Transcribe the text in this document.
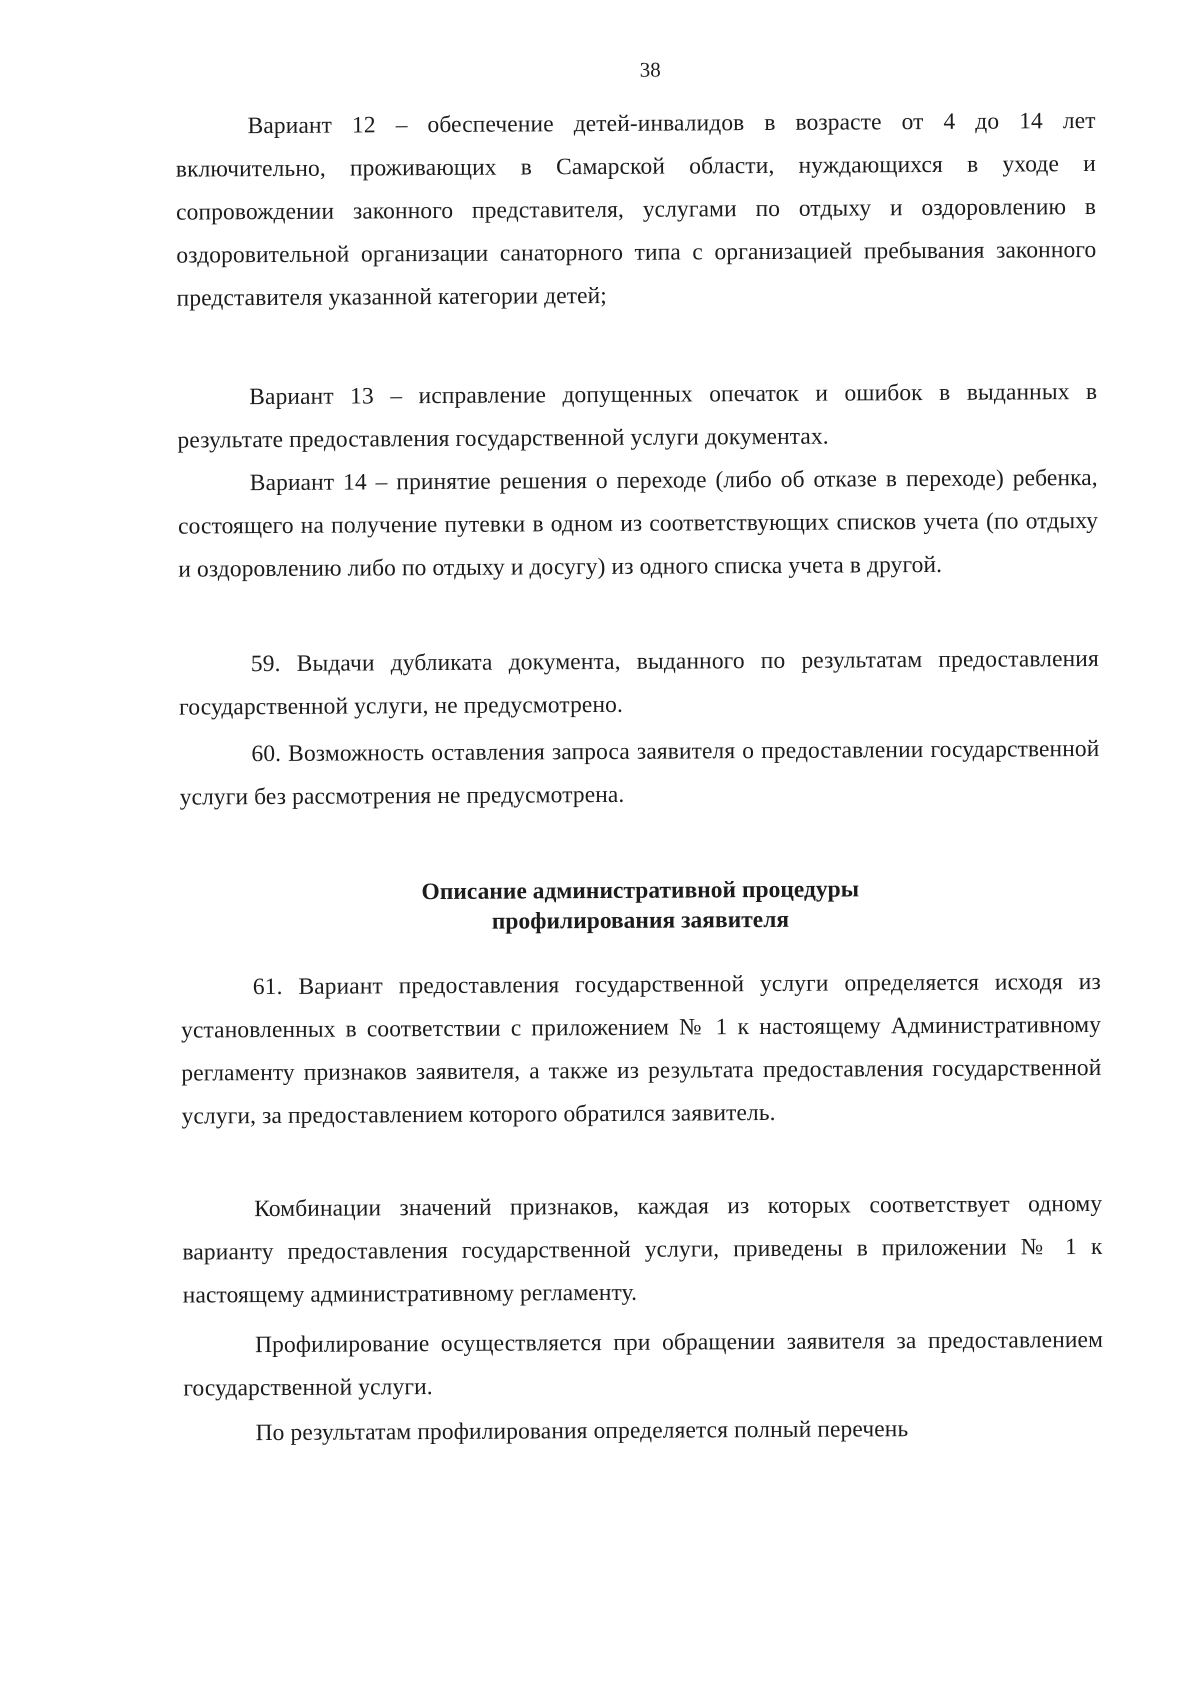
38

Вариант 12 – обеспечение детей-инвалидов в возрасте от 4 до 14 лет включительно, проживающих в Самарской области, нуждающихся в уходе и сопровождении законного представителя, услугами по отдыху и оздоровлению в оздоровительной организации санаторного типа с организацией пребывания законного представителя указанной категории детей;

Вариант 13 – исправление допущенных опечаток и ошибок в выданных в результате предоставления государственной услуги документах.

Вариант 14 – принятие решения о переходе (либо об отказе в переходе) ребенка, состоящего на получение путевки в одном из соответствующих списков учета (по отдыху и оздоровлению либо по отдыху и досугу) из одного списка учета в другой.

59. Выдачи дубликата документа, выданного по результатам предоставления государственной услуги, не предусмотрено.

60. Возможность оставления запроса заявителя о предоставлении государственной услуги без рассмотрения не предусмотрена.

Описание административной процедуры профилирования заявителя

61. Вариант предоставления государственной услуги определяется исходя из установленных в соответствии с приложением № 1 к настоящему Административному регламенту признаков заявителя, а также из результата предоставления государственной услуги, за предоставлением которого обратился заявитель.

Комбинации значений признаков, каждая из которых соответствует одному варианту предоставления государственной услуги, приведены в приложении № 1 к настоящему административному регламенту.

Профилирование осуществляется при обращении заявителя за предоставлением государственной услуги.

По результатам профилирования определяется полный перечень
